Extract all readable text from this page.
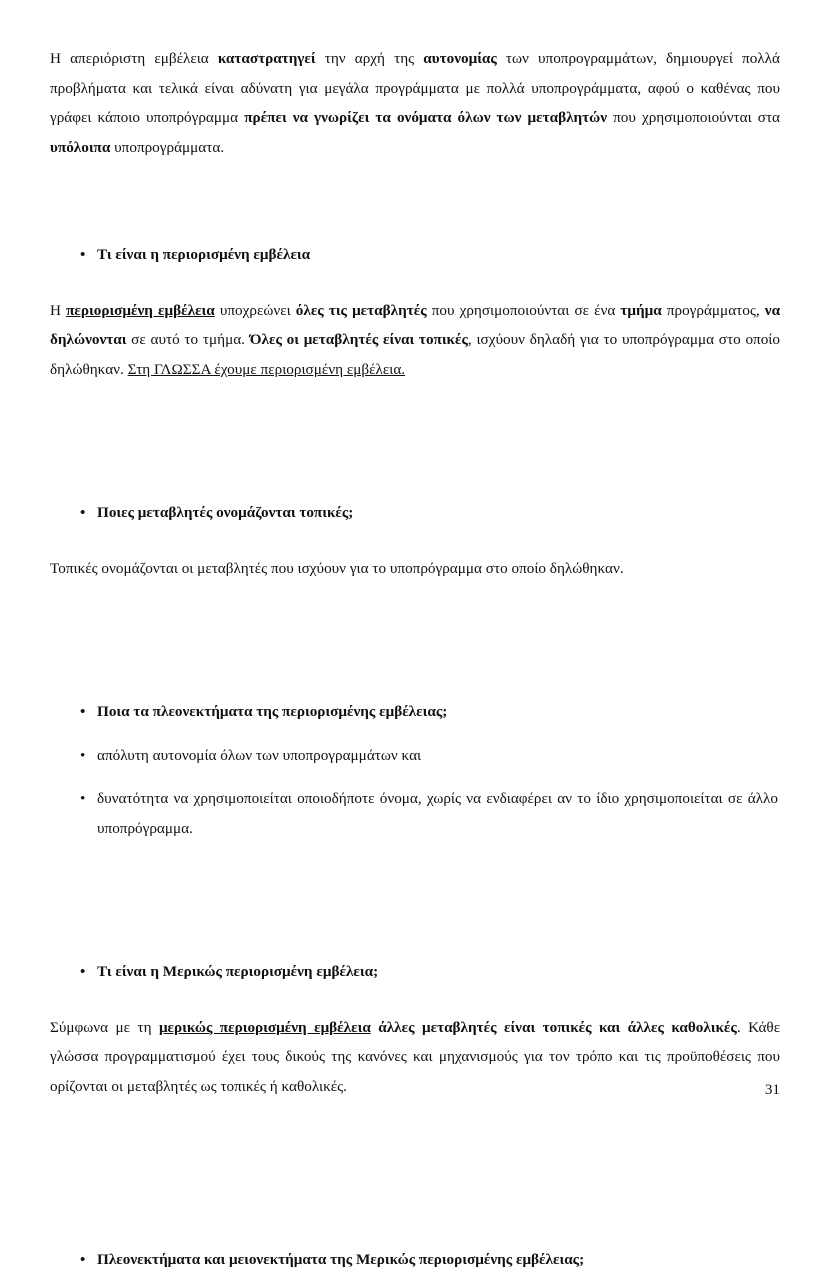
Η απεριόριστη εμβέλεια καταστρατηγεί την αρχή της αυτονομίας των υποπρογραμμάτων, δημιουργεί πολλά προβλήματα και τελικά είναι αδύνατη για μεγάλα προγράμματα με πολλά υποπρογράμματα, αφού ο καθένας που γράφει κάποιο υποπρόγραμμα πρέπει να γνωρίζει τα ονόματα όλων των μεταβλητών που χρησιμοποιούνται στα υπόλοιπα υποπρογράμματα.

• Τι είναι η περιορισμένη εμβέλεια

Η περιορισμένη εμβέλεια υποχρεώνει όλες τις μεταβλητές που χρησιμοποιούνται σε ένα τμήμα προγράμματος, να δηλώνονται σε αυτό το τμήμα. Όλες οι μεταβλητές είναι τοπικές, ισχύουν δηλαδή για το υποπρόγραμμα στο οποίο δηλώθηκαν. Στη ΓΛΩΣΣΑ έχουμε περιορισμένη εμβέλεια.

• Ποιες μεταβλητές ονομάζονται τοπικές;

Τοπικές ονομάζονται οι μεταβλητές που ισχύουν για το υποπρόγραμμα στο οποίο δηλώθηκαν.

• Ποια τα πλεονεκτήματα της περιορισμένης εμβέλειας;
• απόλυτη αυτονομία όλων των υποπρογραμμάτων και
• δυνατότητα να χρησιμοποιείται οποιοδήποτε όνομα, χωρίς να ενδιαφέρει αν το ίδιο χρησιμοποιείται σε άλλο υποπρόγραμμα.
• Τι είναι η Μερικώς περιορισμένη εμβέλεια;

Σύμφωνα με τη μερικώς περιορισμένη εμβέλεια άλλες μεταβλητές είναι τοπικές και άλλες καθολικές. Κάθε γλώσσα προγραμματισμού έχει τους δικούς της κανόνες και μηχανισμούς για τον τρόπο και τις προϋποθέσεις που ορίζονται οι μεταβλητές ως τοπικές ή καθολικές.

• Πλεονεκτήματα και μειονεκτήματα της Μερικώς περιορισμένης εμβέλειας;
31
